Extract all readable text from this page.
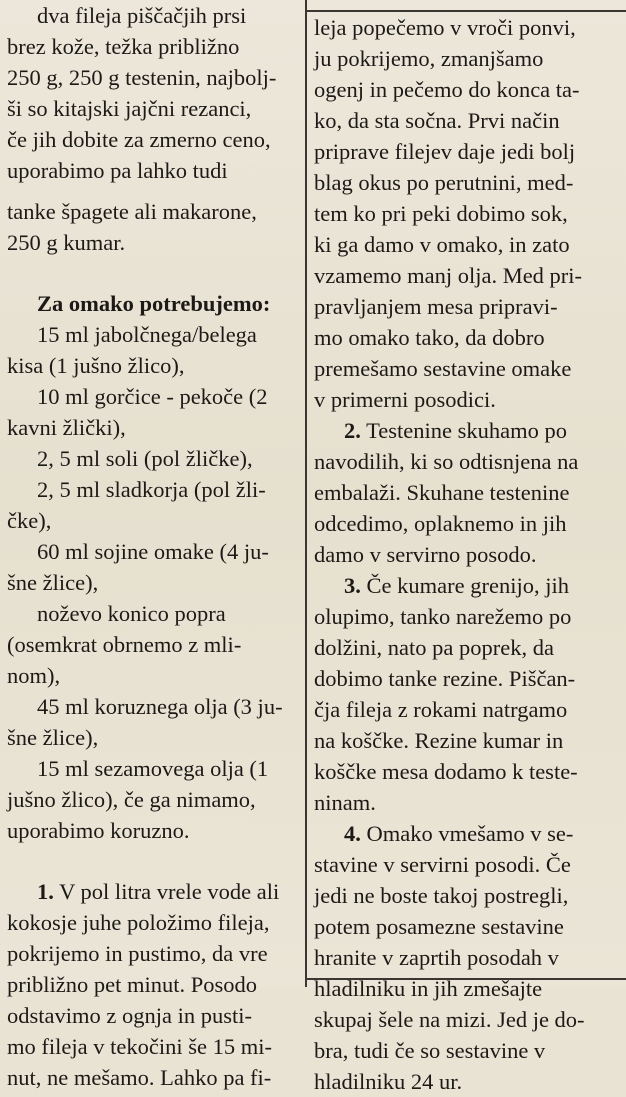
dva fileja piščačjih prsi
brez kože, težka približno
250 g, 250 g testenin, najbolj-
ši so kitajski jajčni rezanci,
če jih dobite za zmerno ceno,
uporabimo pa lahko tudi
tanke špagete ali makarone,
250 g kumar.
Za omako potrebujemo:
15 ml jabolčnega/belega
kisa (1 jušno žlico),
10 ml gorčice - pekoče (2
kavni žlički),
2, 5 ml soli (pol žličke),
2, 5 ml sladkorja (pol žli-
čke),
60 ml sojine omake (4 ju-
šne žlice),
noževo konico popra
(osemkrat obrnemo z mli-
nom),
45 ml koruznega olja (3 ju-
šne žlice),
15 ml sezamovega olja (1
jušno žlico), če ga nimamo,
uporabimo koruzno.
1. V pol litra vrele vode ali
kokosje juhe položimo fileja,
pokrijemo in pustimo, da vre
približno pet minut. Posodo
odstavimo z ognja in pusti-
mo fileja v tekočini še 15 mi-
nut, ne mešamo. Lahko pa fi-
leja popečemo v vroči ponvi,
ju pokrijemo, zmanjšamo
ogenj in pečemo do konca ta-
ko, da sta sočna. Prvi način
priprave filejev daje jedi bolj
blag okus po perutnini, med-
tem ko pri peki dobimo sok,
ki ga damo v omako, in zato
vzamemo manj olja. Med pri-
pravljanjem mesa pripravi-
mo omako tako, da dobro
premešamo sestavine omake
v primerni posodici.
2. Testenine skuhamo po
navodilih, ki so odtisnjena na
embalaži. Skuhane testenine
odcedimo, oplaknemo in jih
damo v servirno posodo.
3. Če kumare grenijo, jih
olupimo, tanko narežemo po
dolžini, nato pa poprek, da
dobimo tanke rezine. Piščan-
čja fileja z rokami natrgamo
na koščke. Rezine kumar in
koščke mesa dodamo k teste-
ninam.
4. Omako vmešamo v se-
stavine v servirni posodi. Če
jedi ne boste takoj postregli,
potem posamezne sestavine
hranite v zaprtih posodah v
hladilniku in jih zmešajte
skupaj šele na mizi. Jed je do-
bra, tudi če so sestavine v
hladilniku 24 ur.
